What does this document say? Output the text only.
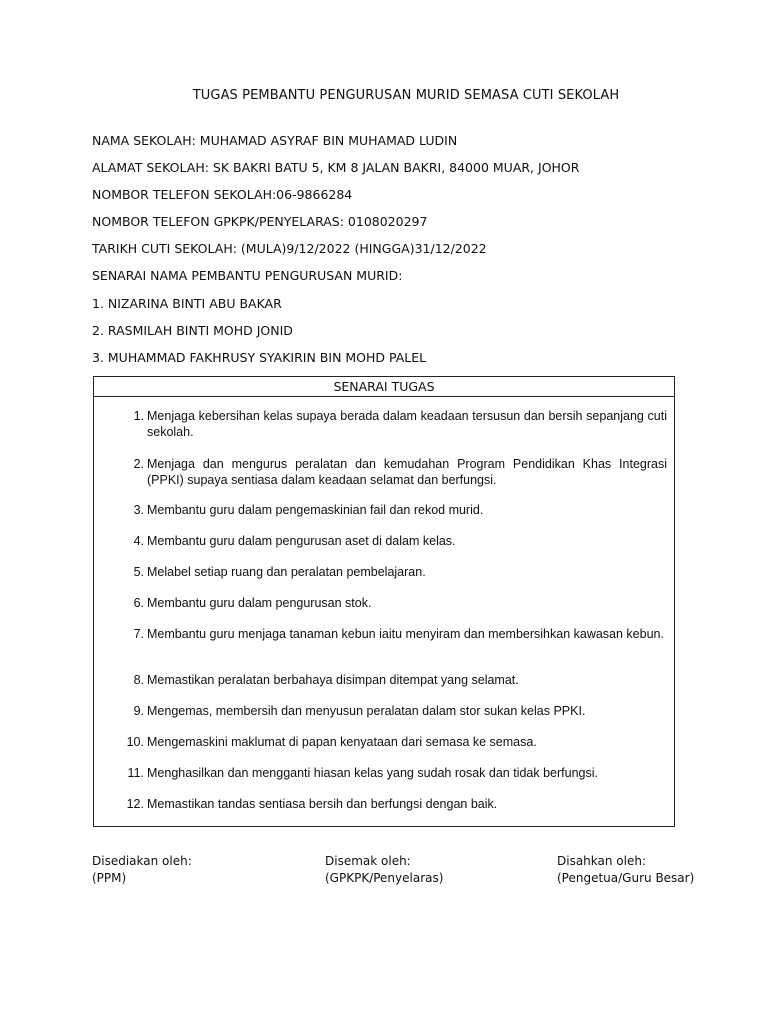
TUGAS PEMBANTU PENGURUSAN MURID SEMASA CUTI SEKOLAH
NAMA SEKOLAH: MUHAMAD ASYRAF BIN MUHAMAD LUDIN
ALAMAT SEKOLAH: SK BAKRI BATU 5, KM 8 JALAN BAKRI, 84000 MUAR, JOHOR
NOMBOR TELEFON SEKOLAH:06-9866284
NOMBOR TELEFON GPKPK/PENYELARAS: 0108020297
TARIKH CUTI SEKOLAH: (MULA)9/12/2022 (HINGGA)31/12/2022
SENARAI NAMA PEMBANTU PENGURUSAN MURID:
1. NIZARINA BINTI ABU BAKAR
2. RASMILAH BINTI MOHD JONID
3. MUHAMMAD FAKHRUSY SYAKIRIN BIN MOHD PALEL
SENARAI TUGAS
1. Menjaga kebersihan kelas supaya berada dalam keadaan tersusun dan bersih sepanjang cuti sekolah.
2. Menjaga dan mengurus peralatan dan kemudahan Program Pendidikan Khas Integrasi (PPKI) supaya sentiasa dalam keadaan selamat dan berfungsi.
3. Membantu guru dalam pengemaskinian fail dan rekod murid.
4. Membantu guru dalam pengurusan aset di dalam kelas.
5. Melabel setiap ruang dan peralatan pembelajaran.
6. Membantu guru dalam pengurusan stok.
7. Membantu guru menjaga tanaman kebun iaitu menyiram dan membersihkan kawasan kebun.
8. Memastikan peralatan berbahaya disimpan ditempat yang selamat.
9. Mengemas, membersih dan menyusun peralatan dalam stor sukan kelas PPKI.
10. Mengemaskini maklumat di papan kenyataan dari semasa ke semasa.
11. Menghasilkan dan mengganti hiasan kelas yang sudah rosak dan tidak berfungsi.
12. Memastikan tandas sentiasa bersih dan berfungsi dengan baik.
Disediakan oleh:
(PPM)
Disemak oleh:
(GPKPK/Penyelaras)
Disahkan oleh:
(Pengetua/Guru Besar)
